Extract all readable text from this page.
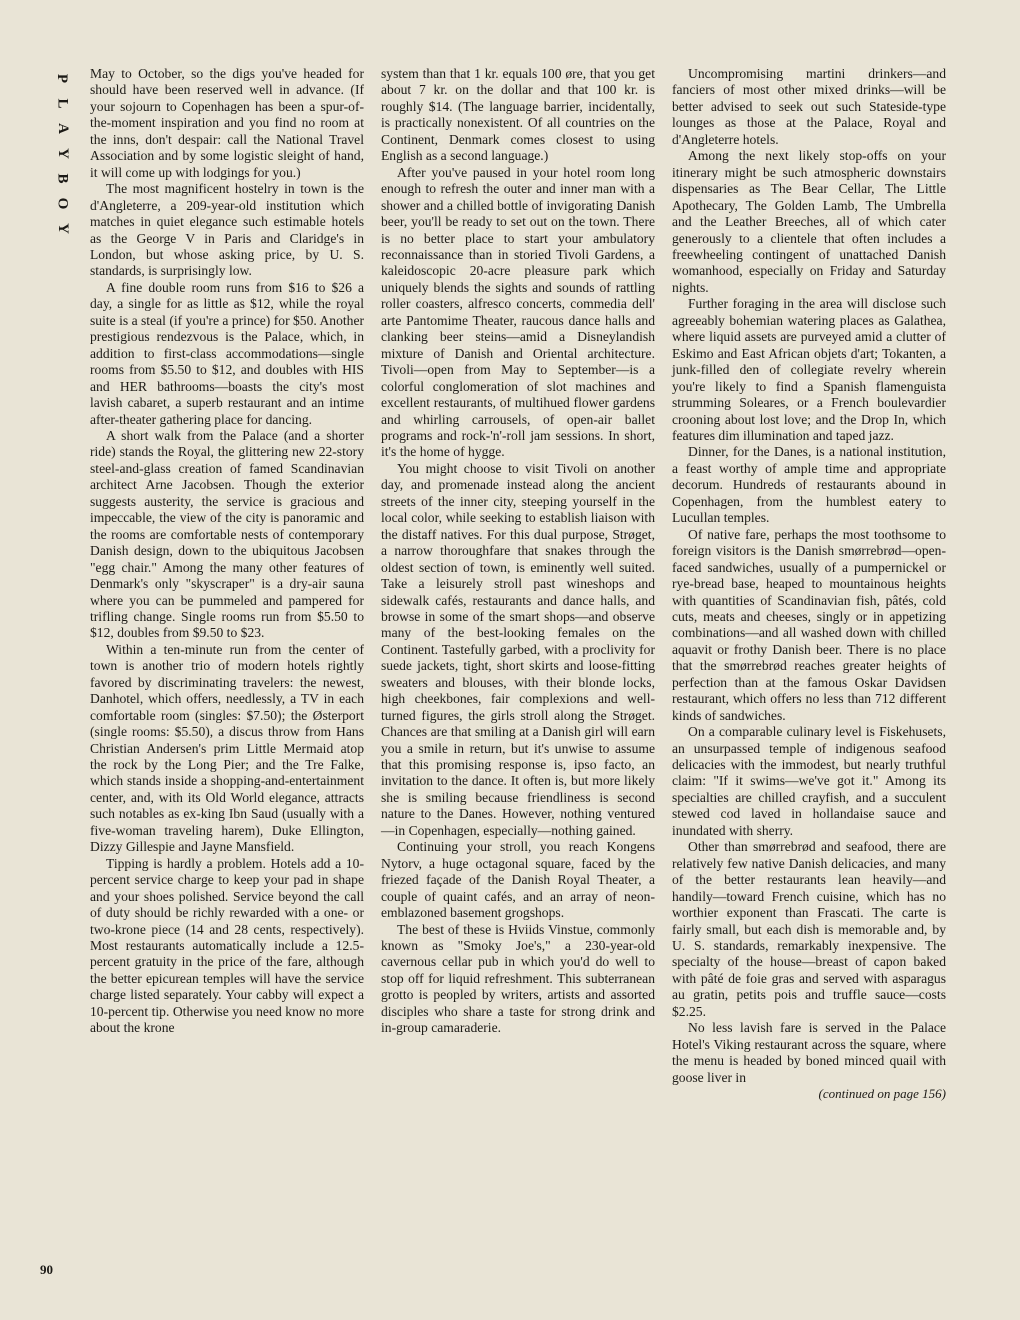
P
L
A
Y
B
O
Y

May to October, so the digs you've headed for should have been reserved well in advance. (If your sojourn to Copenhagen has been a spur-of-the-moment inspiration and you find no room at the inns, don't despair: call the National Travel Association and by some logistic sleight of hand, it will come up with lodgings for you.)

The most magnificent hostelry in town is the d'Angleterre, a 209-year-old institution which matches in quiet elegance such estimable hotels as the George V in Paris and Claridge's in London, but whose asking price, by U. S. standards, is surprisingly low.

A fine double room runs from $16 to $26 a day, a single for as little as $12, while the royal suite is a steal (if you're a prince) for $50. Another prestigious rendezvous is the Palace, which, in addition to first-class accommodations—single rooms from $5.50 to $12, and doubles with HIS and HER bathrooms—boasts the city's most lavish cabaret, a superb restaurant and an intime after-theater gathering place for dancing.

A short walk from the Palace (and a shorter ride) stands the Royal, the glittering new 22-story steel-and-glass creation of famed Scandinavian architect Arne Jacobsen. Though the exterior suggests austerity, the service is gracious and impeccable, the view of the city is panoramic and the rooms are comfortable nests of contemporary Danish design, down to the ubiquitous Jacobsen "egg chair." Among the many other features of Denmark's only "skyscraper" is a dry-air sauna where you can be pummeled and pampered for trifling change. Single rooms run from $5.50 to $12, doubles from $9.50 to $23.

Within a ten-minute run from the center of town is another trio of modern hotels rightly favored by discriminating travelers: the newest, Danhotel, which offers, needlessly, a TV in each comfortable room (singles: $7.50); the Østerport (single rooms: $5.50), a discus throw from Hans Christian Andersen's prim Little Mermaid atop the rock by the Long Pier; and the Tre Falke, which stands inside a shopping-and-entertainment center, and, with its Old World elegance, attracts such notables as ex-king Ibn Saud (usually with a five-woman traveling harem), Duke Ellington, Dizzy Gillespie and Jayne Mansfield.

Tipping is hardly a problem. Hotels add a 10-percent service charge to keep your pad in shape and your shoes polished. Service beyond the call of duty should be richly rewarded with a one- or two-krone piece (14 and 28 cents, respectively). Most restaurants automatically include a 12.5-percent gratuity in the price of the fare, although the better epicurean temples will have the service charge listed separately. Your cabby will expect a 10-percent tip. Otherwise you need know no more about the krone

system than that 1 kr. equals 100 øre, that you get about 7 kr. on the dollar and that 100 kr. is roughly $14. (The language barrier, incidentally, is practically nonexistent. Of all countries on the Continent, Denmark comes closest to using English as a second language.)

After you've paused in your hotel room long enough to refresh the outer and inner man with a shower and a chilled bottle of invigorating Danish beer, you'll be ready to set out on the town. There is no better place to start your ambulatory reconnaissance than in storied Tivoli Gardens, a kaleidoscopic 20-acre pleasure park which uniquely blends the sights and sounds of rattling roller coasters, alfresco concerts, commedia dell' arte Pantomime Theater, raucous dance halls and clanking beer steins—amid a Disneylandish mixture of Danish and Oriental architecture. Tivoli—open from May to September—is a colorful conglomeration of slot machines and excellent restaurants, of multihued flower gardens and whirling carrousels, of open-air ballet programs and rock-'n'-roll jam sessions. In short, it's the home of hygge.

You might choose to visit Tivoli on another day, and promenade instead along the ancient streets of the inner city, steeping yourself in the local color, while seeking to establish liaison with the distaff natives. For this dual purpose, Strøget, a narrow thoroughfare that snakes through the oldest section of town, is eminently well suited. Take a leisurely stroll past wineshops and sidewalk cafés, restaurants and dance halls, and browse in some of the smart shops—and observe many of the best-looking females on the Continent. Tastefully garbed, with a proclivity for suede jackets, tight, short skirts and loose-fitting sweaters and blouses, with their blonde locks, high cheekbones, fair complexions and well-turned figures, the girls stroll along the Strøget. Chances are that smiling at a Danish girl will earn you a smile in return, but it's unwise to assume that this promising response is, ipso facto, an invitation to the dance. It often is, but more likely she is smiling because friendliness is second nature to the Danes. However, nothing ventured—in Copenhagen, especially—nothing gained.

Continuing your stroll, you reach Kongens Nytorv, a huge octagonal square, faced by the friezed façade of the Danish Royal Theater, a couple of quaint cafés, and an array of neon-emblazoned basement grogshops.

The best of these is Hviids Vinstue, commonly known as "Smoky Joe's," a 230-year-old cavernous cellar pub in which you'd do well to stop off for liquid refreshment. This subterranean grotto is peopled by writers, artists and assorted disciples who share a taste for strong drink and in-group camaraderie.

Uncompromising martini drinkers—and fanciers of most other mixed drinks—will be better advised to seek out such Stateside-type lounges as those at the Palace, Royal and d'Angleterre hotels.

Among the next likely stop-offs on your itinerary might be such atmospheric downstairs dispensaries as The Bear Cellar, The Little Apothecary, The Golden Lamb, The Umbrella and the Leather Breeches, all of which cater generously to a clientele that often includes a freewheeling contingent of unattached Danish womanhood, especially on Friday and Saturday nights.

Further foraging in the area will disclose such agreeably bohemian watering places as Galathea, where liquid assets are purveyed amid a clutter of Eskimo and East African objets d'art; Tokanten, a junk-filled den of collegiate revelry wherein you're likely to find a Spanish flamenguista strumming Soleares, or a French boulevardier crooning about lost love; and the Drop In, which features dim illumination and taped jazz.

Dinner, for the Danes, is a national institution, a feast worthy of ample time and appropriate decorum. Hundreds of restaurants abound in Copenhagen, from the humblest eatery to Lucullan temples.

Of native fare, perhaps the most toothsome to foreign visitors is the Danish smørrebrød—open-faced sandwiches, usually of a pumpernickel or rye-bread base, heaped to mountainous heights with quantities of Scandinavian fish, pâtés, cold cuts, meats and cheeses, singly or in appetizing combinations—and all washed down with chilled aquavit or frothy Danish beer. There is no place that the smørrebrød reaches greater heights of perfection than at the famous Oskar Davidsen restaurant, which offers no less than 712 different kinds of sandwiches.

On a comparable culinary level is Fiskehusets, an unsurpassed temple of indigenous seafood delicacies with the immodest, but nearly truthful claim: "If it swims—we've got it." Among its specialties are chilled crayfish, and a succulent stewed cod laved in hollandaise sauce and inundated with sherry.

Other than smørrebrød and seafood, there are relatively few native Danish delicacies, and many of the better restaurants lean heavily—and handily—toward French cuisine, which has no worthier exponent than Frascati. The carte is fairly small, but each dish is memorable and, by U. S. standards, remarkably inexpensive. The specialty of the house—breast of capon baked with pâté de foie gras and served with asparagus au gratin, petits pois and truffle sauce—costs $2.25.

No less lavish fare is served in the Palace Hotel's Viking restaurant across the square, where the menu is headed by boned minced quail with goose liver in

(continued on page 156)

90
